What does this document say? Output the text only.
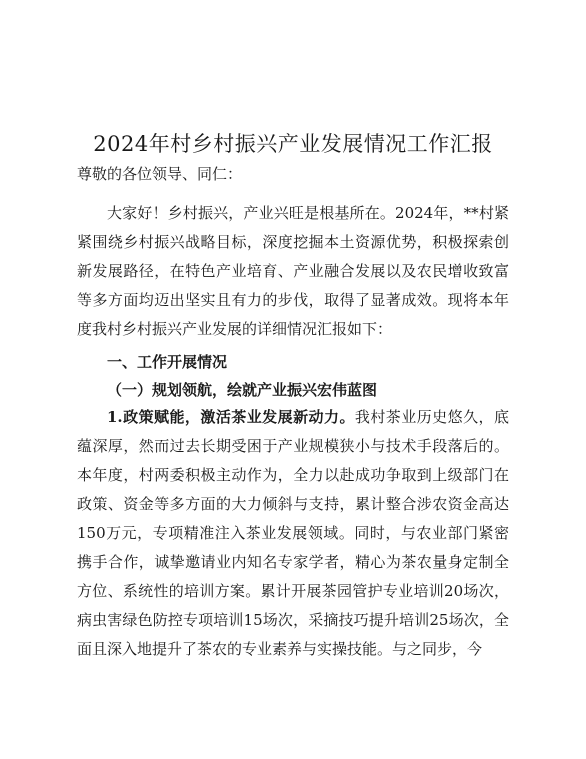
2024年村乡村振兴产业发展情况工作汇报
尊敬的各位领导、同仁：

大家好！乡村振兴，产业兴旺是根基所在。2024年，**村紧紧围绕乡村振兴战略目标，深度挖掘本土资源优势，积极探索创新发展路径，在特色产业培育、产业融合发展以及农民增收致富等多方面均迈出坚实且有力的步伐，取得了显著成效。现将本年度我村乡村振兴产业发展的详细情况汇报如下：

一、工作开展情况
（一）规划领航，绘就产业振兴宏伟蓝图

1.政策赋能，激活茶业发展新动力。我村茶业历史悠久，底蕴深厚，然而过去长期受困于产业规模狭小与技术手段落后的。本年度，村两委积极主动作为，全力以赴成功争取到上级部门在政策、资金等多方面的大力倾斜与支持，累计整合涉农资金高达150万元，专项精准注入茶业发展领域。同时，与农业部门紧密携手合作，诚挚邀请业内知名专家学者，精心为茶农量身定制全方位、系统性的培训方案。累计开展茶园管护专业培训20场次，病虫害绿色防控专项培训15场次，采摘技巧提升培训25场次，全面且深入地提升了茶农的专业素养与实操技能。与之同步，今
